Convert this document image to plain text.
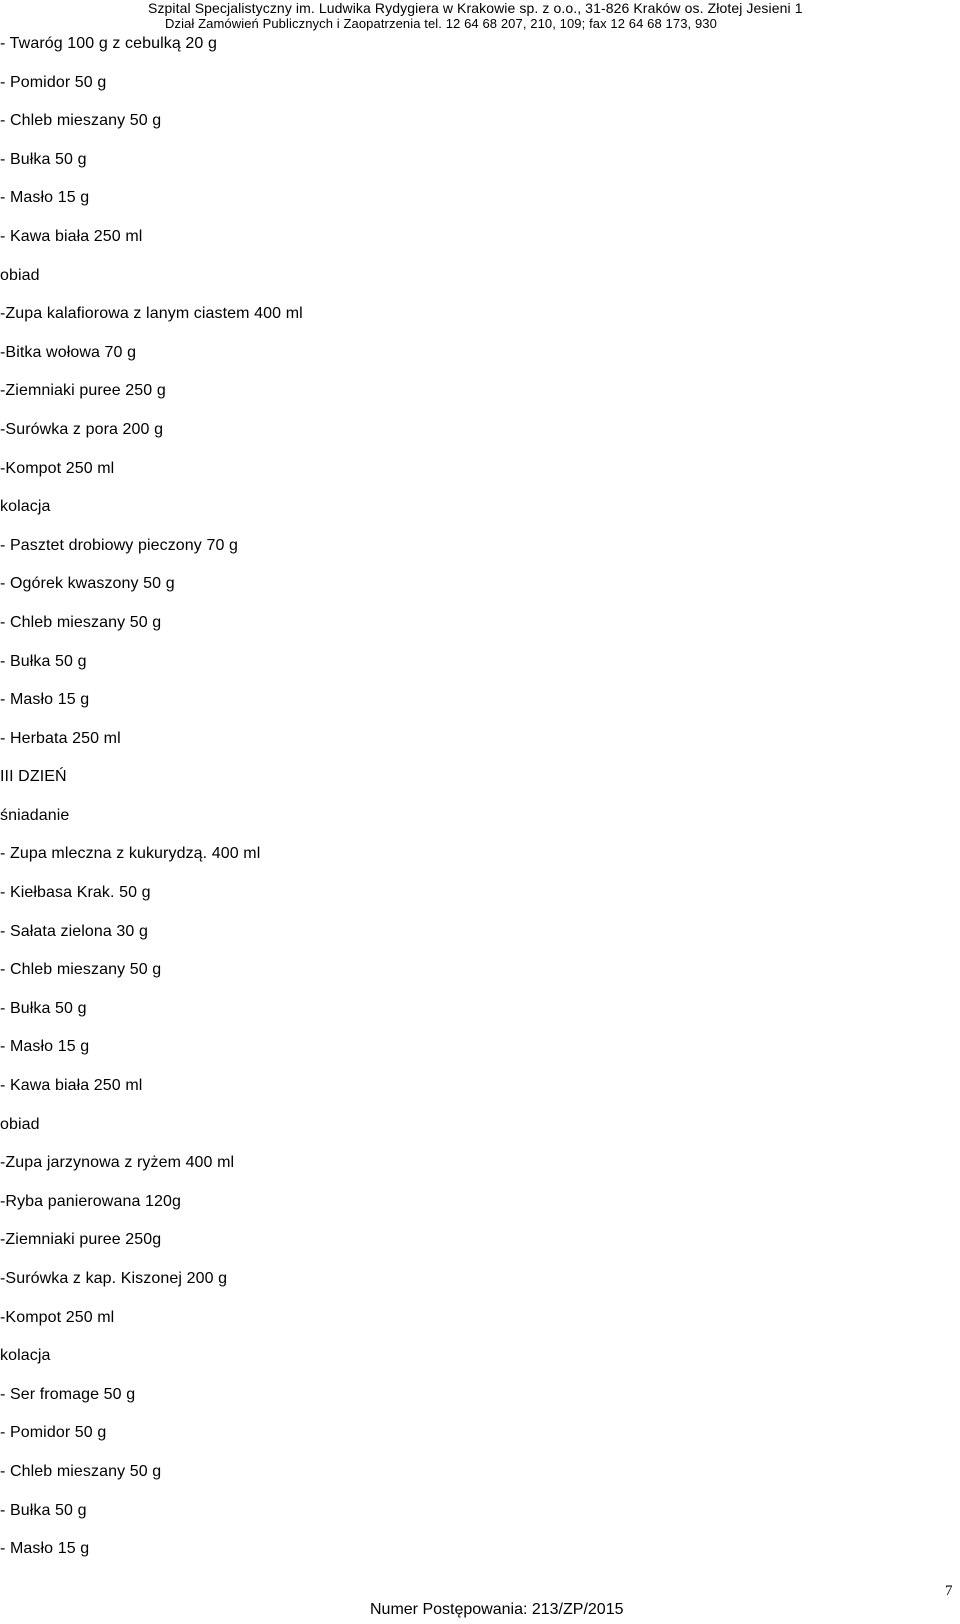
Szpital Specjalistyczny im. Ludwika Rydygiera w Krakowie sp. z o.o., 31-826 Kraków os. Złotej Jesieni 1
Dział Zamówień Publicznych i Zaopatrzenia tel. 12 64 68 207, 210, 109; fax 12 64 68 173, 930
- Twaróg 100 g z cebulką 20 g
- Pomidor 50 g
- Chleb mieszany 50 g
- Bułka 50 g
- Masło 15 g
- Kawa biała 250 ml
obiad
-Zupa kalafiorowa z lanym ciastem 400 ml
-Bitka wołowa 70 g
-Ziemniaki puree 250 g
-Surówka z pora 200 g
-Kompot 250 ml
kolacja
- Pasztet drobiowy pieczony 70 g
- Ogórek kwaszony 50 g
- Chleb mieszany 50 g
- Bułka 50 g
- Masło 15 g
- Herbata 250 ml
III DZIEŃ
śniadanie
- Zupa mleczna z kukurydzą. 400 ml
- Kiełbasa Krak. 50 g
- Sałata zielona 30 g
- Chleb mieszany 50 g
- Bułka 50 g
- Masło 15 g
- Kawa biała 250 ml
obiad
-Zupa jarzynowa z ryżem 400 ml
-Ryba panierowana 120g
-Ziemniaki puree 250g
-Surówka z kap. Kiszonej 200 g
-Kompot 250 ml
kolacja
- Ser fromage 50 g
- Pomidor 50 g
- Chleb mieszany 50 g
- Bułka 50 g
- Masło 15 g
7
Numer Postępowania: 213/ZP/2015
